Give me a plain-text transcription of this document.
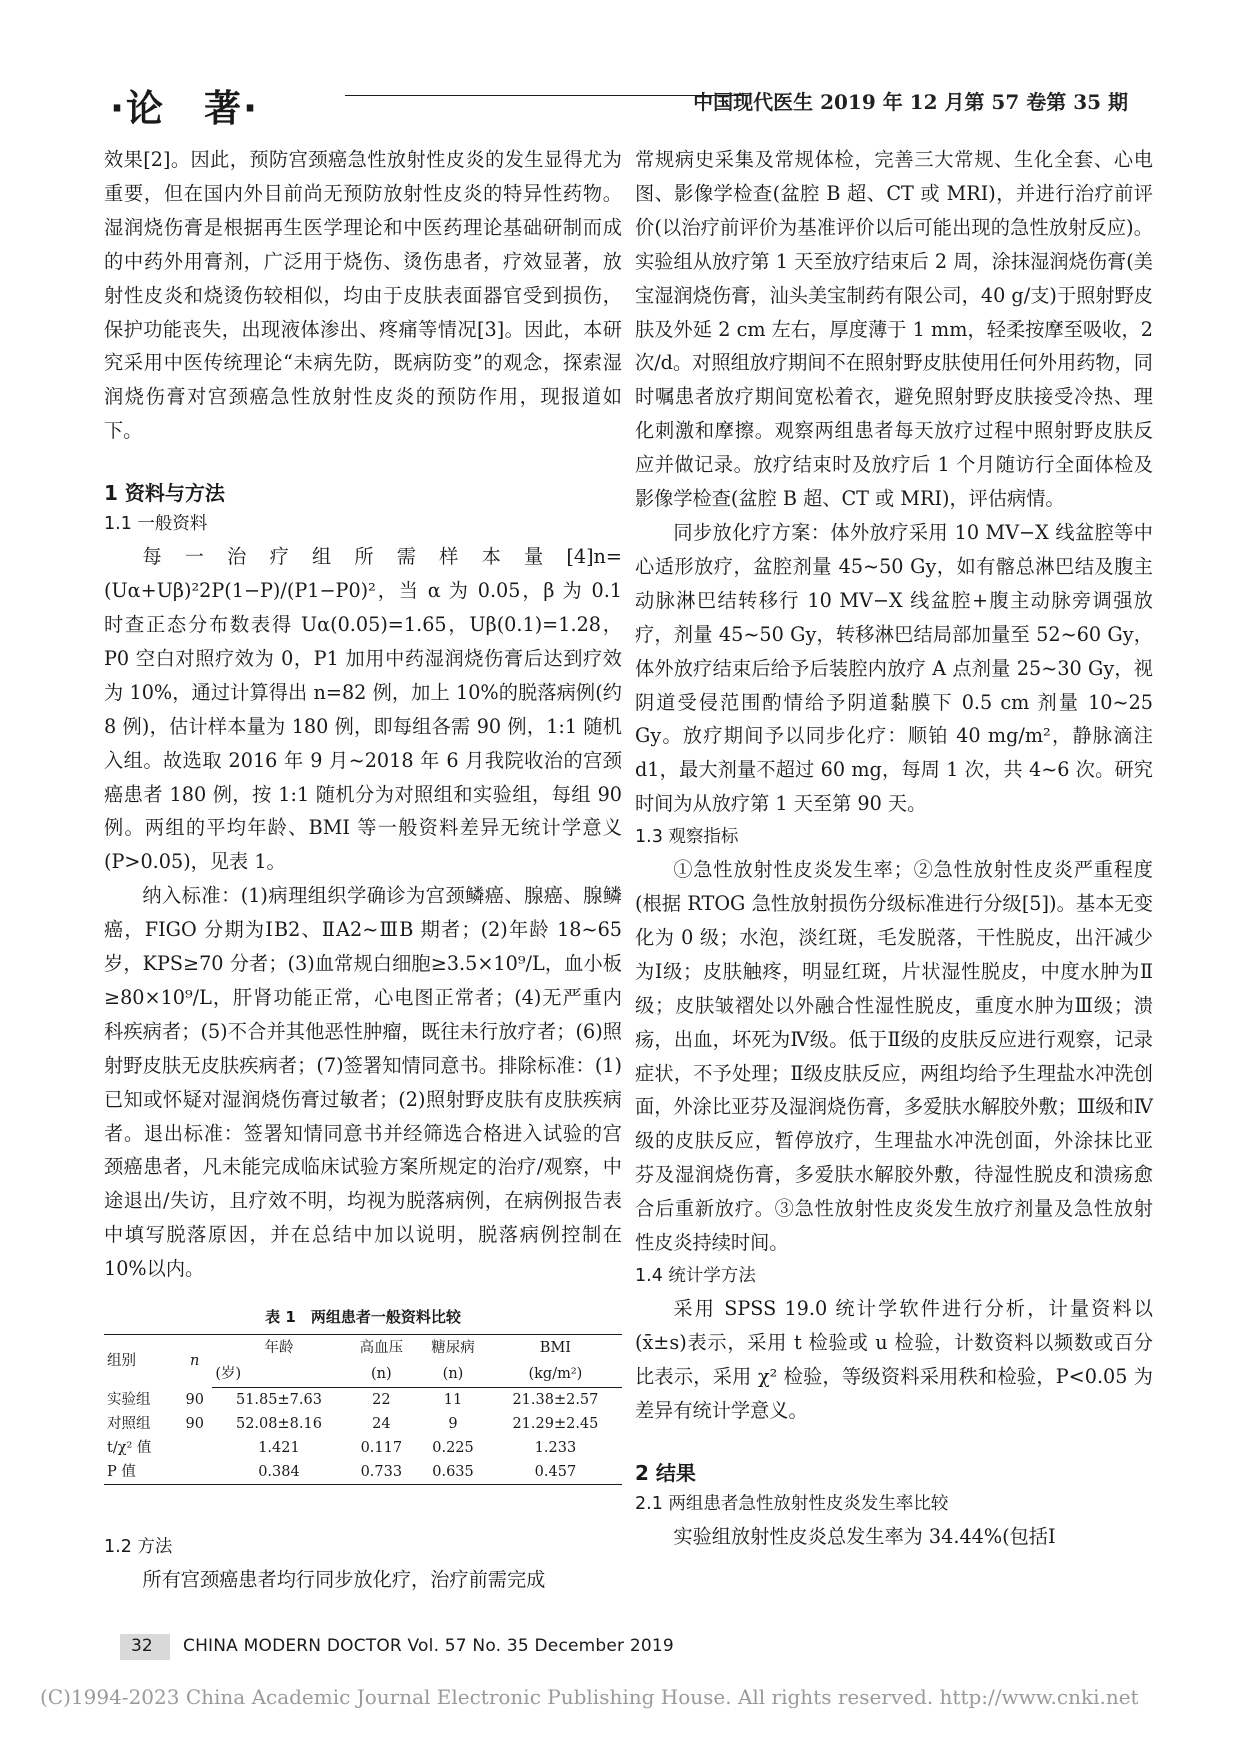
·论　著·	中国现代医生 2019 年 12 月第 57 卷第 35 期

效果[2]。因此，预防宫颈癌急性放射性皮炎的发生显得尤为重要，但在国内外目前尚无预防放射性皮炎的特异性药物。湿润烧伤膏是根据再生医学理论和中医药理论基础研制而成的中药外用膏剂，广泛用于烧伤、烫伤患者，疗效显著，放射性皮炎和烧烫伤较相似，均由于皮肤表面器官受到损伤，保护功能丧失，出现液体渗出、疼痛等情况[3]。因此，本研究采用中医传统理论“未病先防，既病防变”的观念，探索湿润烧伤膏对宫颈癌急性放射性皮炎的预防作用，现报道如下。

1 资料与方法
1.1 一般资料

每一治疗组所需样本量[4]n=(Uα+Uβ)²2P(1−P)/(P1−P0)²，当 α 为 0.05，β 为 0.1 时查正态分布数表得 Uα(0.05)=1.65，Uβ(0.1)=1.28，P0 空白对照疗效为 0，P1 加用中药湿润烧伤膏后达到疗效为 10%，通过计算得出 n=82 例，加上 10%的脱落病例(约 8 例)，估计样本量为 180 例，即每组各需 90 例，1:1 随机入组。故选取 2016 年 9 月~2018 年 6 月我院收治的宫颈癌患者 180 例，按 1:1 随机分为对照组和实验组，每组 90 例。两组的平均年龄、BMI 等一般资料差异无统计学意义(P>0.05)，见表 1。

纳入标准：(1)病理组织学确诊为宫颈鳞癌、腺癌、腺鳞癌，FIGO 分期为ⅠB2、ⅡA2~ⅢB 期者；(2)年龄 18~65 岁，KPS≥70 分者；(3)血常规白细胞≥3.5×10⁹/L，血小板≥80×10⁹/L，肝肾功能正常，心电图正常者；(4)无严重内科疾病者；(5)不合并其他恶性肿瘤，既往未行放疗者；(6)照射野皮肤无皮肤疾病者；(7)签署知情同意书。排除标准：(1)已知或怀疑对湿润烧伤膏过敏者；(2)照射野皮肤有皮肤疾病者。退出标准：签署知情同意书并经筛选合格进入试验的宫颈癌患者，凡未能完成临床试验方案所规定的治疗/观察，中途退出/失访，且疗效不明，均视为脱落病例，在病例报告表中填写脱落原因，并在总结中加以说明，脱落病例控制在 10%以内。

表 1　两组患者一般资料比较
组别	n	年龄	高血压	糖尿病	BMI
		(岁)	(n)	(n)	(kg/m²)
实验组	90	51.85±7.63	22	11	21.38±2.57
对照组	90	52.08±8.16	24	9	21.29±2.45
t/χ² 值		1.421	0.117	0.225	1.233
P 值		0.384	0.733	0.635	0.457
1.2 方法

所有宫颈癌患者均行同步放化疗，治疗前需完成

常规病史采集及常规体检，完善三大常规、生化全套、心电图、影像学检查(盆腔 B 超、CT 或 MRI)，并进行治疗前评价(以治疗前评价为基准评价以后可能出现的急性放射反应)。实验组从放疗第 1 天至放疗结束后 2 周，涂抹湿润烧伤膏(美宝湿润烧伤膏，汕头美宝制药有限公司，40 g/支)于照射野皮肤及外延 2 cm 左右，厚度薄于 1 mm，轻柔按摩至吸收，2 次/d。对照组放疗期间不在照射野皮肤使用任何外用药物，同时嘱患者放疗期间宽松着衣，避免照射野皮肤接受冷热、理化刺激和摩擦。观察两组患者每天放疗过程中照射野皮肤反应并做记录。放疗结束时及放疗后 1 个月随访行全面体检及影像学检查(盆腔 B 超、CT 或 MRI)，评估病情。

同步放化疗方案：体外放疗采用 10 MV−X 线盆腔等中心适形放疗，盆腔剂量 45~50 Gy，如有髂总淋巴结及腹主动脉淋巴结转移行 10 MV−X 线盆腔+腹主动脉旁调强放疗，剂量 45~50 Gy，转移淋巴结局部加量至 52~60 Gy，体外放疗结束后给予后装腔内放疗 A 点剂量 25~30 Gy，视阴道受侵范围酌情给予阴道黏膜下 0.5 cm 剂量 10~25 Gy。放疗期间予以同步化疗：顺铂 40 mg/m²，静脉滴注 d1，最大剂量不超过 60 mg，每周 1 次，共 4~6 次。研究时间为从放疗第 1 天至第 90 天。

1.3 观察指标

①急性放射性皮炎发生率；②急性放射性皮炎严重程度(根据 RTOG 急性放射损伤分级标准进行分级[5])。基本无变化为 0 级；水泡，淡红斑，毛发脱落，干性脱皮，出汗减少为Ⅰ级；皮肤触疼，明显红斑，片状湿性脱皮，中度水肿为Ⅱ级；皮肤皱褶处以外融合性湿性脱皮，重度水肿为Ⅲ级；溃疡，出血，坏死为Ⅳ级。低于Ⅱ级的皮肤反应进行观察，记录症状，不予处理；Ⅱ级皮肤反应，两组均给予生理盐水冲洗创面，外涂比亚芬及湿润烧伤膏，多爱肤水解胶外敷；Ⅲ级和Ⅳ级的皮肤反应，暂停放疗，生理盐水冲洗创面，外涂抹比亚芬及湿润烧伤膏，多爱肤水解胶外敷，待湿性脱皮和溃疡愈合后重新放疗。③急性放射性皮炎发生放疗剂量及急性放射性皮炎持续时间。

1.4 统计学方法

采用 SPSS 19.0 统计学软件进行分析，计量资料以(x̄±s)表示，采用 t 检验或 u 检验，计数资料以频数或百分比表示，采用 χ² 检验，等级资料采用秩和检验，P<0.05 为差异有统计学意义。

2 结果
2.1 两组患者急性放射性皮炎发生率比较

实验组放射性皮炎总发生率为 34.44%(包括Ⅰ

32 CHINA MODERN DOCTOR Vol. 57 No. 35 December 2019
(C)1994-2023 China Academic Journal Electronic Publishing House. All rights reserved. http://www.cnki.net
